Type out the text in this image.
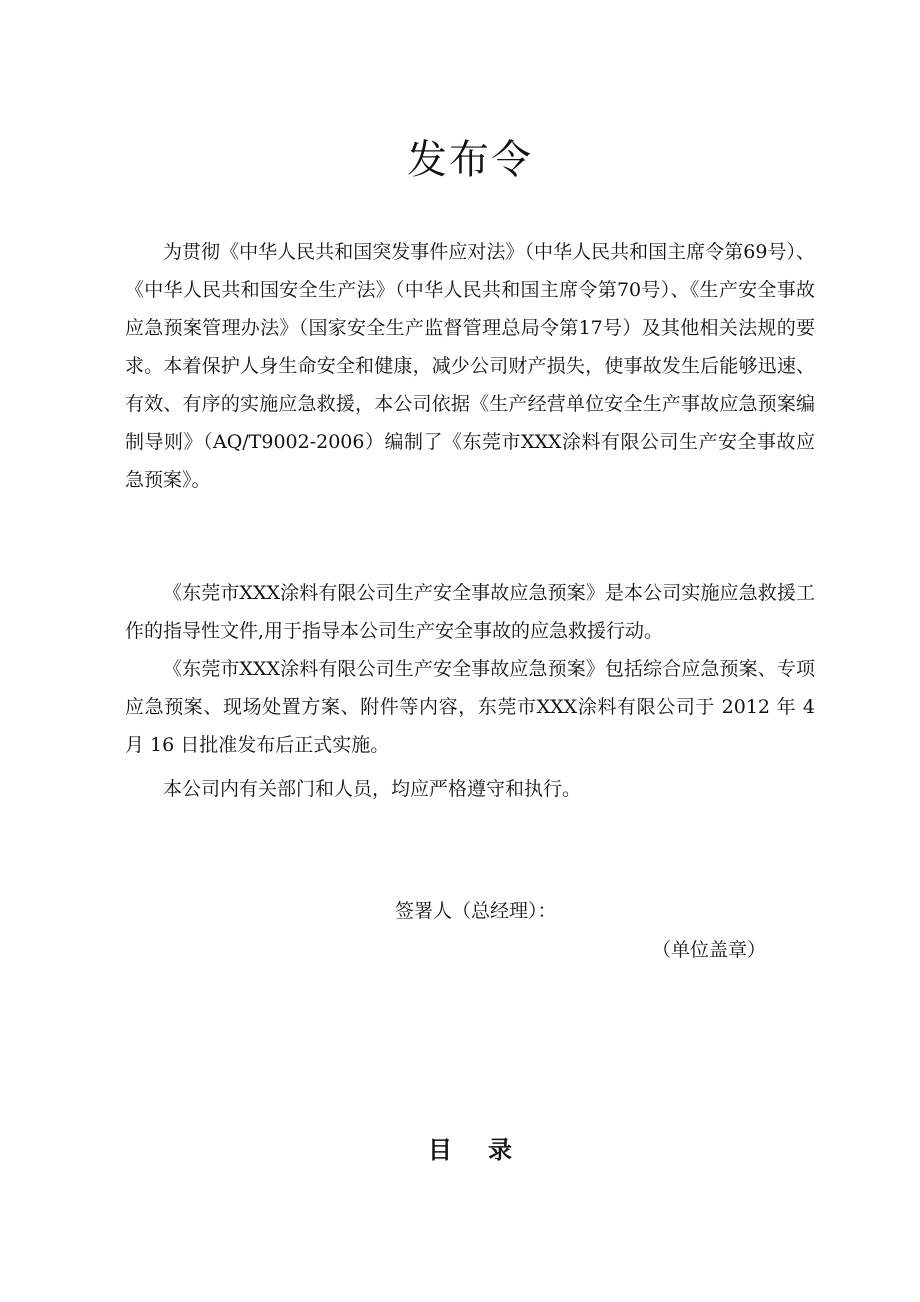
发布令

为贯彻《中华人民共和国突发事件应对法》（中华人民共和国主席令第69号）、《中华人民共和国安全生产法》（中华人民共和国主席令第70号）、《生产安全事故应急预案管理办法》（国家安全生产监督管理总局令第17号）及其他相关法规的要求。本着保护人身生命安全和健康，减少公司财产损失，使事故发生后能够迅速、有效、有序的实施应急救援，本公司依据《生产经营单位安全生产事故应急预案编制导则》（AQ/T9002-2006）编制了《东莞市XXX涂料有限公司生产安全事故应急预案》。

《东莞市XXX涂料有限公司生产安全事故应急预案》是本公司实施应急救援工作的指导性文件,用于指导本公司生产安全事故的应急救援行动。

《东莞市XXX涂料有限公司生产安全事故应急预案》包括综合应急预案、专项应急预案、现场处置方案、附件等内容，东莞市XXX涂料有限公司于 2012 年 4 月 16 日批准发布后正式实施。

本公司内有关部门和人员，均应严格遵守和执行。

签署人（总经理）：
（单位盖章）
目录
